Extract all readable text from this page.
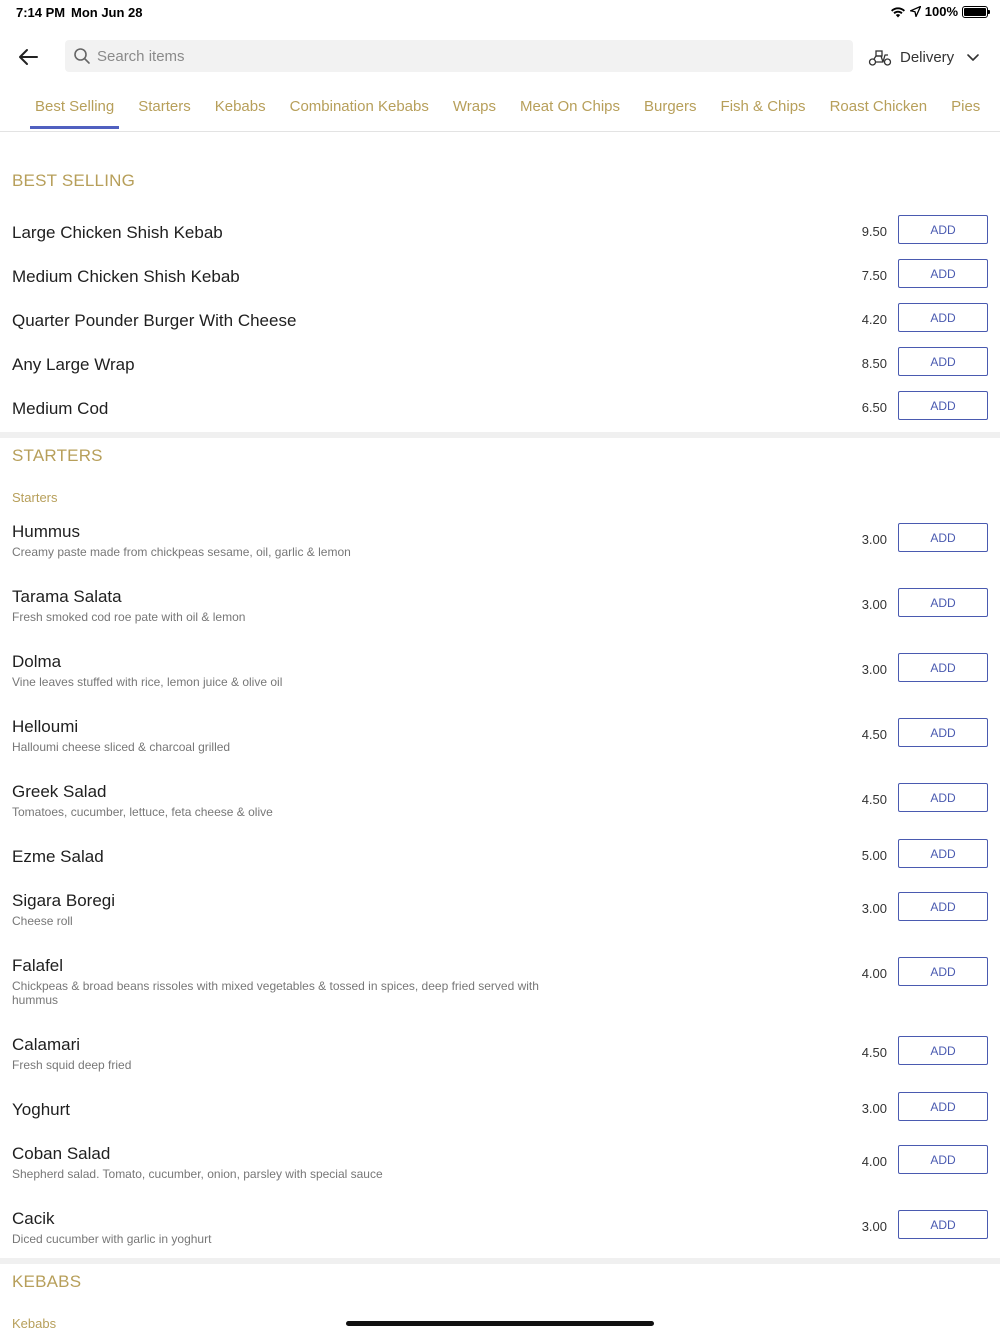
7:14 PM Mon Jun 28	100%
Search items
Delivery
Best Selling	Starters	Kebabs	Combination Kebabs	Wraps	Meat On Chips	Burgers	Fish & Chips	Roast Chicken	Pies
BEST SELLING
Large Chicken Shish Kebab	9.50	ADD
Medium Chicken Shish Kebab	7.50	ADD
Quarter Pounder Burger With Cheese	4.20	ADD
Any Large Wrap	8.50	ADD
Medium Cod	6.50	ADD
STARTERS
Starters
Hummus
Creamy paste made from chickpeas sesame, oil, garlic & lemon
3.00	ADD
Tarama Salata
Fresh smoked cod roe pate with oil & lemon
3.00	ADD
Dolma
Vine leaves stuffed with rice, lemon juice & olive oil
3.00	ADD
Helloumi
Halloumi cheese sliced & charcoal grilled
4.50	ADD
Greek Salad
Tomatoes, cucumber, lettuce, feta cheese & olive
4.50	ADD
Ezme Salad	5.00	ADD
Sigara Boregi
Cheese roll
3.00	ADD
Falafel
Chickpeas & broad beans rissoles with mixed vegetables & tossed in spices, deep fried served with hummus
4.00	ADD
Calamari
Fresh squid deep fried
4.50	ADD
Yoghurt	3.00	ADD
Coban Salad
Shepherd salad. Tomato, cucumber, onion, parsley with special sauce
4.00	ADD
Cacik
Diced cucumber with garlic in yoghurt
3.00	ADD
KEBABS
Kebabs
